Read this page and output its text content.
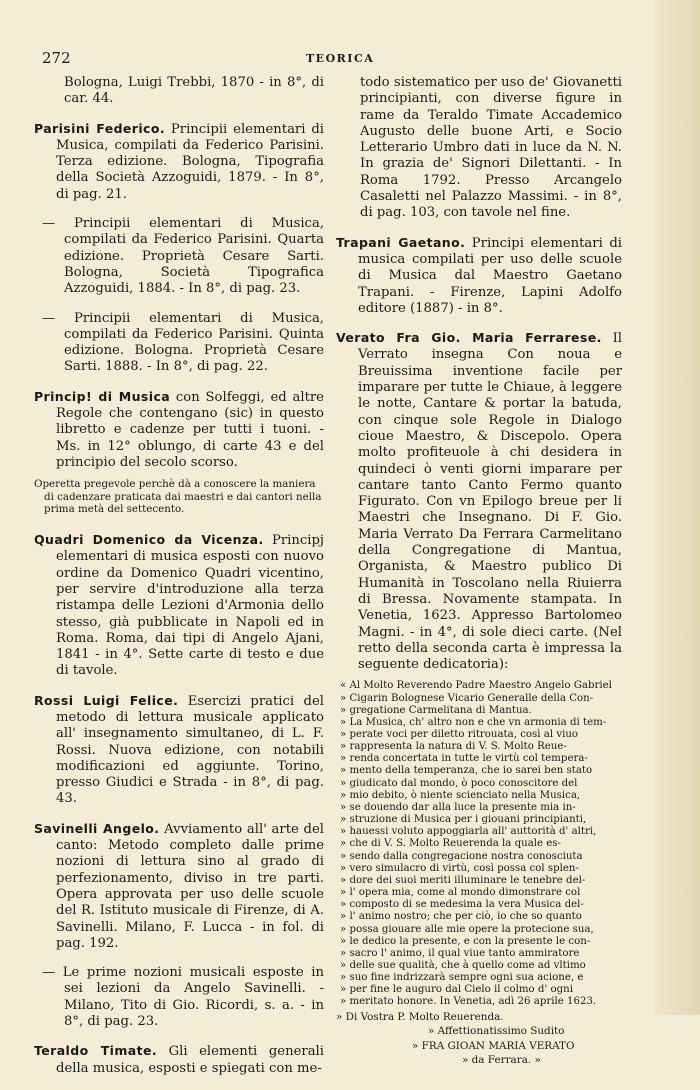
272	TEORICA

Bologna, Luigi Trebbi, 1870 - in 8°, di car. 44.

Parisini Federico. Principii elementari di Musica, compilati da Federico Parisini. Terza edizione. Bologna, Tipografia della Società Azzoguidi, 1879. - In 8°, di pag. 21.

— Principii elementari di Musica, compilati da Federico Parisini. Quarta edizione. Proprietà Cesare Sarti. Bologna, Società Tipografica Azzoguidi, 1884. - In 8°, di pag. 23.

— Principii elementari di Musica, compilati da Federico Parisini. Quinta edizione. Bologna. Proprietà Cesare Sarti. 1888. - In 8°, di pag. 22.

Princip! di Musica con Solfeggi, ed altre Regole che contengano (sic) in questo libretto e cadenze per tutti i tuoni. - Ms. in 12° oblungo, di carte 43 e del principio del secolo scorso.

Operetta pregevole perchè dà a conoscere la maniera di cadenzare praticata dai maestri e dai cantori nella prima metà del settecento.

Quadri Domenico da Vicenza. Principj elementari di musica esposti con nuovo ordine da Domenico Quadri vicentino, per servire d'introduzione alla terza ristampa delle Lezioni d'Armonia dello stesso, già pubblicate in Napoli ed in Roma. Roma, dai tipi di Angelo Ajani, 1841 - in 4°. Sette carte di testo e due di tavole.

Rossi Luigi Felice. Esercizi pratici del metodo di lettura musicale applicato all' insegnamento simultaneo, di L. F. Rossi. Nuova edizione, con notabili modificazioni ed aggiunte. Torino, presso Giudici e Strada - in 8°, di pag. 43.

Savinelli Angelo. Avviamento all' arte del canto: Metodo completo dalle prime nozioni di lettura sino al grado di perfezionamento, diviso in tre parti. Opera approvata per uso delle scuole del R. Istituto musicale di Firenze, di A. Savinelli. Milano, F. Lucca - in fol. di pag. 192.

— Le prime nozioni musicali esposte in sei lezioni da Angelo Savinelli. - Milano, Tito di Gio. Ricordi, s. a. - in 8°, di pag. 23.

Teraldo Timate. Gli elementi generali della musica, esposti e spiegati con me-

todo sistematico per uso de' Giovanetti principianti, con diverse figure in rame da Teraldo Timate Accademico Augusto delle buone Arti, e Socio Letterario Umbro dati in luce da N. N. In grazia de' Signori Dilettanti. - In Roma 1792. Presso Arcangelo Casaletti nel Palazzo Massimi. - in 8°, di pag. 103, con tavole nel fine.

Trapani Gaetano. Principi elementari di musica compilati per uso delle scuole di Musica dal Maestro Gaetano Trapani. - Firenze, Lapini Adolfo editore (1887) - in 8°.

Verato Fra Gio. Maria Ferrarese. Il Verrato insegna Con noua e Breuissima inventione facile per imparare per tutte le Chiaue, à leggere le notte, Cantare & portar la batuda, con cinque sole Regole in Dialogo cioue Maestro, & Discepolo. Opera molto profiteuole à chi desidera in quindeci ò venti giorni imparare per cantare tanto Canto Fermo quanto Figurato. Con vn Epilogo breue per li Maestri che Insegnano. Di F. Gio. Maria Verrato Da Ferrara Carmelitano della Congregatione di Mantua, Organista, & Maestro publico Di Humanità in Toscolano nella Riuierra di Bressa. Novamente stampata. In Venetia, 1623. Appresso Bartolomeo Magni. - in 4°, di sole dieci carte. (Nel retto della seconda carta è impressa la seguente dedicatoria):

« Al Molto Reverendo Padre Maestro Angelo Gabriel

» Cigarin Bolognese Vicario Generalle della Con-

» gregatione Carmelitana di Mantua.

» La Musica, ch' altro non e che vn armonia di tem-

» perate voci per diletto ritrouata, così al viuo

» rappresenta la natura di V. S. Molto Reue-

» renda concertata in tutte le virtù col tempera-

» mento della temperanza, che io sarei ben stato

» giudicato dal mondo, ò poco conoscitore del

» mio debito, ò niente scienciato nella Musica,

» se douendo dar alla luce la presente mia in-

» struzione di Musica per i giouani principianti,

» hauessi voluto appoggiarla all' auttorità d' altri,

» che di V. S. Molto Reuerenda la quale es-

» sendo dalla congregacione nostra conosciuta

» vero simulacro di virtù, così possa col splen-

» dore dei suoi meriti illuminare le tenebre del-

» l' opera mia, come al mondo dimonstrare col

» composto di se medesima la vera Musica del-

» l' animo nostro; che per ciò, io che so quanto

» possa giouare alle mie opere la protecione sua,

» le dedico la presente, e con la presente le con-

» sacro l' animo, il qual viue tanto ammiratore

» delle sue qualità, che à quello come ad vltimo

» suo fine indrizzarà sempre ogni sua acione, e

» per fine le auguro dal Cielo il colmo d' ogni

» meritato honore. In Venetia, adì 26 aprile 1623.

» Di Vostra P. Molto Reuerenda.

» Affettionatissimo Sudito

» FRA GIOAN MARIA VERATO

» da Ferrara. »
